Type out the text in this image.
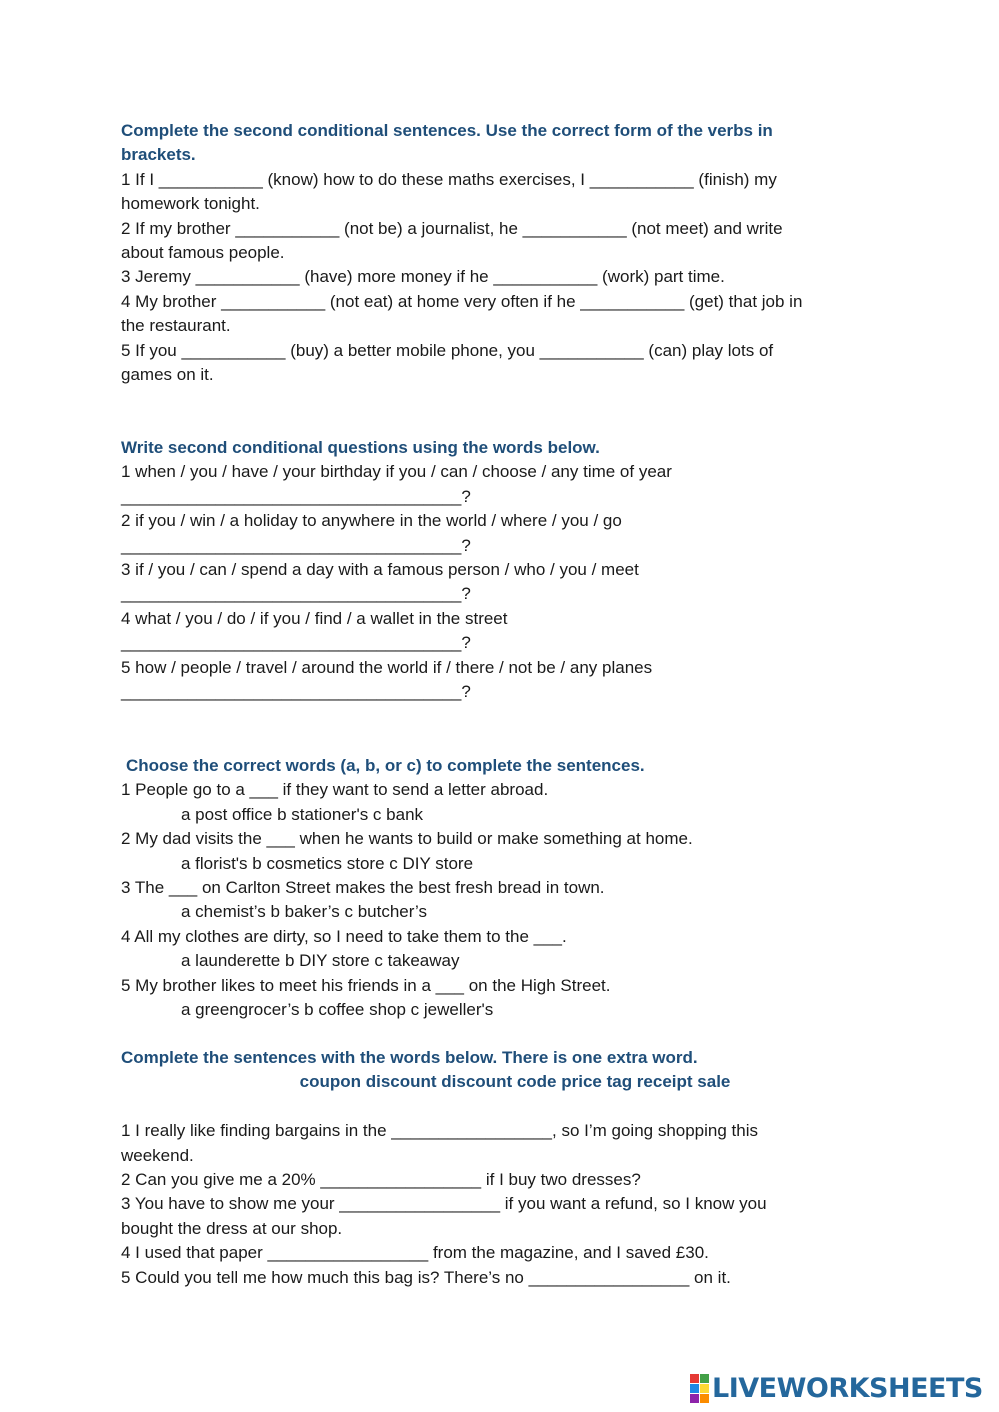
Complete the second conditional sentences. Use the correct form of the verbs in

brackets.

1 If I ___________ (know) how to do these maths exercises, I ___________ (finish) my

homework tonight.

2 If my brother ___________ (not be) a journalist, he ___________ (not meet) and write

about famous people.

3 Jeremy ___________ (have) more money if he ___________ (work) part time.

4 My brother ___________ (not eat) at home very often if he ___________ (get) that job in

the restaurant.

5 If you ___________ (buy) a better mobile phone, you ___________ (can) play lots of

games on it.

Write second conditional questions using the words below.

1 when / you / have / your birthday if you / can / choose / any time of year

____________________________________?

2 if you / win / a holiday to anywhere in the world / where / you / go

____________________________________?

3 if / you / can / spend a day with a famous person / who / you / meet

____________________________________?

4 what / you / do / if you / find / a wallet in the street

____________________________________?

5 how / people / travel / around the world if / there / not be / any planes

____________________________________?

Choose the correct words (a, b, or c) to complete the sentences.

1 People go to a ___ if they want to send a letter abroad.

a post office b stationer's c bank

2 My dad visits the ___ when he wants to build or make something at home.

a florist's b cosmetics store c DIY store

3 The ___ on Carlton Street makes the best fresh bread in town.

a chemist’s b baker’s c butcher’s

4 All my clothes are dirty, so I need to take them to the ___.

a launderette b DIY store c takeaway

5 My brother likes to meet his friends in a ___ on the High Street.

a greengrocer’s b coffee shop c jeweller's

Complete the sentences with the words below. There is one extra word.

coupon discount discount code price tag receipt sale

1 I really like finding bargains in the _________________, so I’m going shopping this

weekend.

2 Can you give me a 20% _________________ if I buy two dresses?

3 You have to show me your _________________ if you want a refund, so I know you

bought the dress at our shop.

4 I used that paper _________________ from the magazine, and I saved £30.

5 Could you tell me how much this bag is? There’s no _________________ on it.

LIVEWORKSHEETS
